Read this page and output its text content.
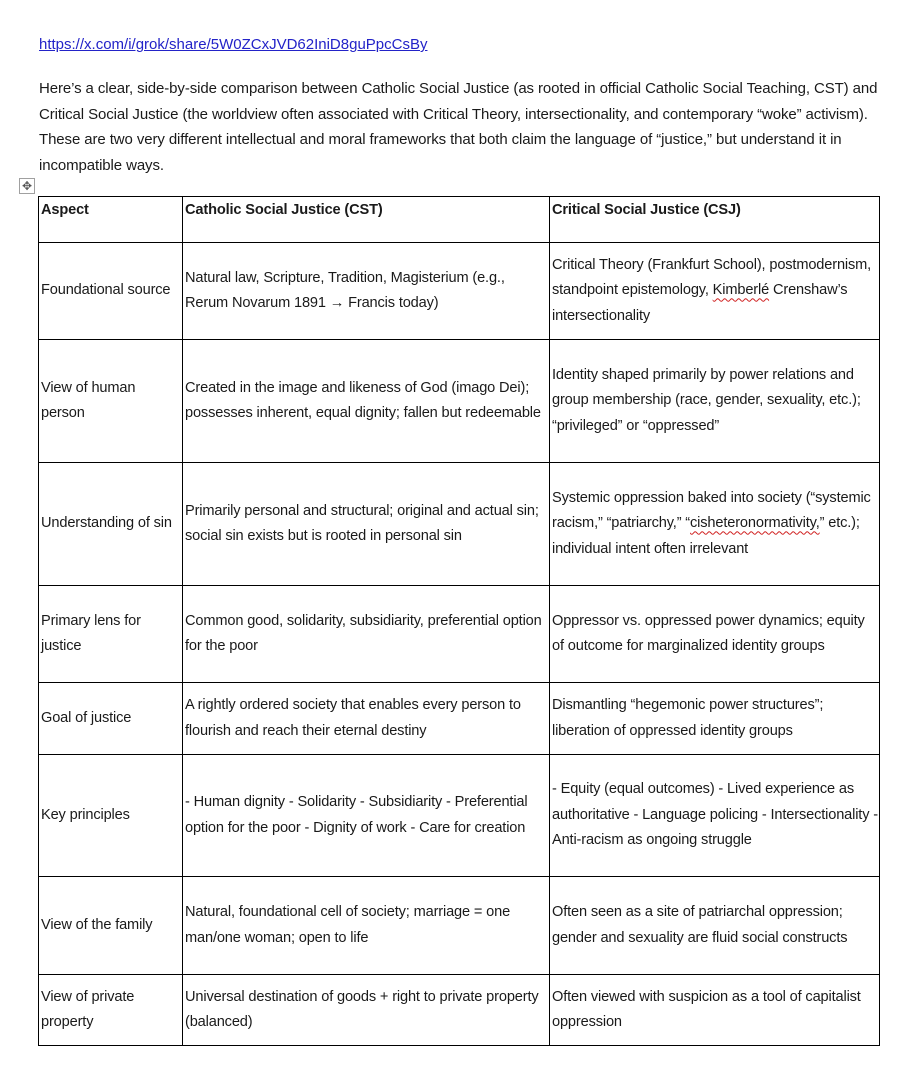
https://x.com/i/grok/share/5W0ZCxJVD62IniD8guPpcCsBy

Here’s a clear, side-by-side comparison between Catholic Social Justice (as rooted in official Catholic Social Teaching, CST) and Critical Social Justice (the worldview often associated with Critical Theory, intersectionality, and contemporary “woke” activism). These are two very different intellectual and moral frameworks that both claim the language of “justice,” but understand it in incompatible ways.

✥
Aspect	Catholic Social Justice (CST)	Critical Social Justice (CSJ)
Foundational source	Natural law, Scripture, Tradition, Magisterium (e.g., Rerum Novarum 1891 → Francis today)	Critical Theory (Frankfurt School), postmodernism, standpoint epistemology, Kimberlé Crenshaw’s intersectionality
View of human person	Created in the image and likeness of God (imago Dei); possesses inherent, equal dignity; fallen but redeemable	Identity shaped primarily by power relations and group membership (race, gender, sexuality, etc.); “privileged” or “oppressed”
Understanding of sin	Primarily personal and structural; original and actual sin; social sin exists but is rooted in personal sin	Systemic oppression baked into society (“systemic racism,” “patriarchy,” “cisheteronormativity,” etc.); individual intent often irrelevant
Primary lens for justice	Common good, solidarity, subsidiarity, preferential option for the poor	Oppressor vs. oppressed power dynamics; equity of outcome for marginalized identity groups
Goal of justice	A rightly ordered society that enables every person to flourish and reach their eternal destiny	Dismantling “hegemonic power structures”; liberation of oppressed identity groups
Key principles	- Human dignity - Solidarity - Subsidiarity - Preferential option for the poor - Dignity of work - Care for creation	- Equity (equal outcomes) - Lived experience as authoritative - Language policing - Intersectionality - Anti-racism as ongoing struggle
View of the family	Natural, foundational cell of society; marriage = one man/one woman; open to life	Often seen as a site of patriarchal oppression; gender and sexuality are fluid social constructs
View of private property	Universal destination of goods + right to private property (balanced)	Often viewed with suspicion as a tool of capitalist oppression
